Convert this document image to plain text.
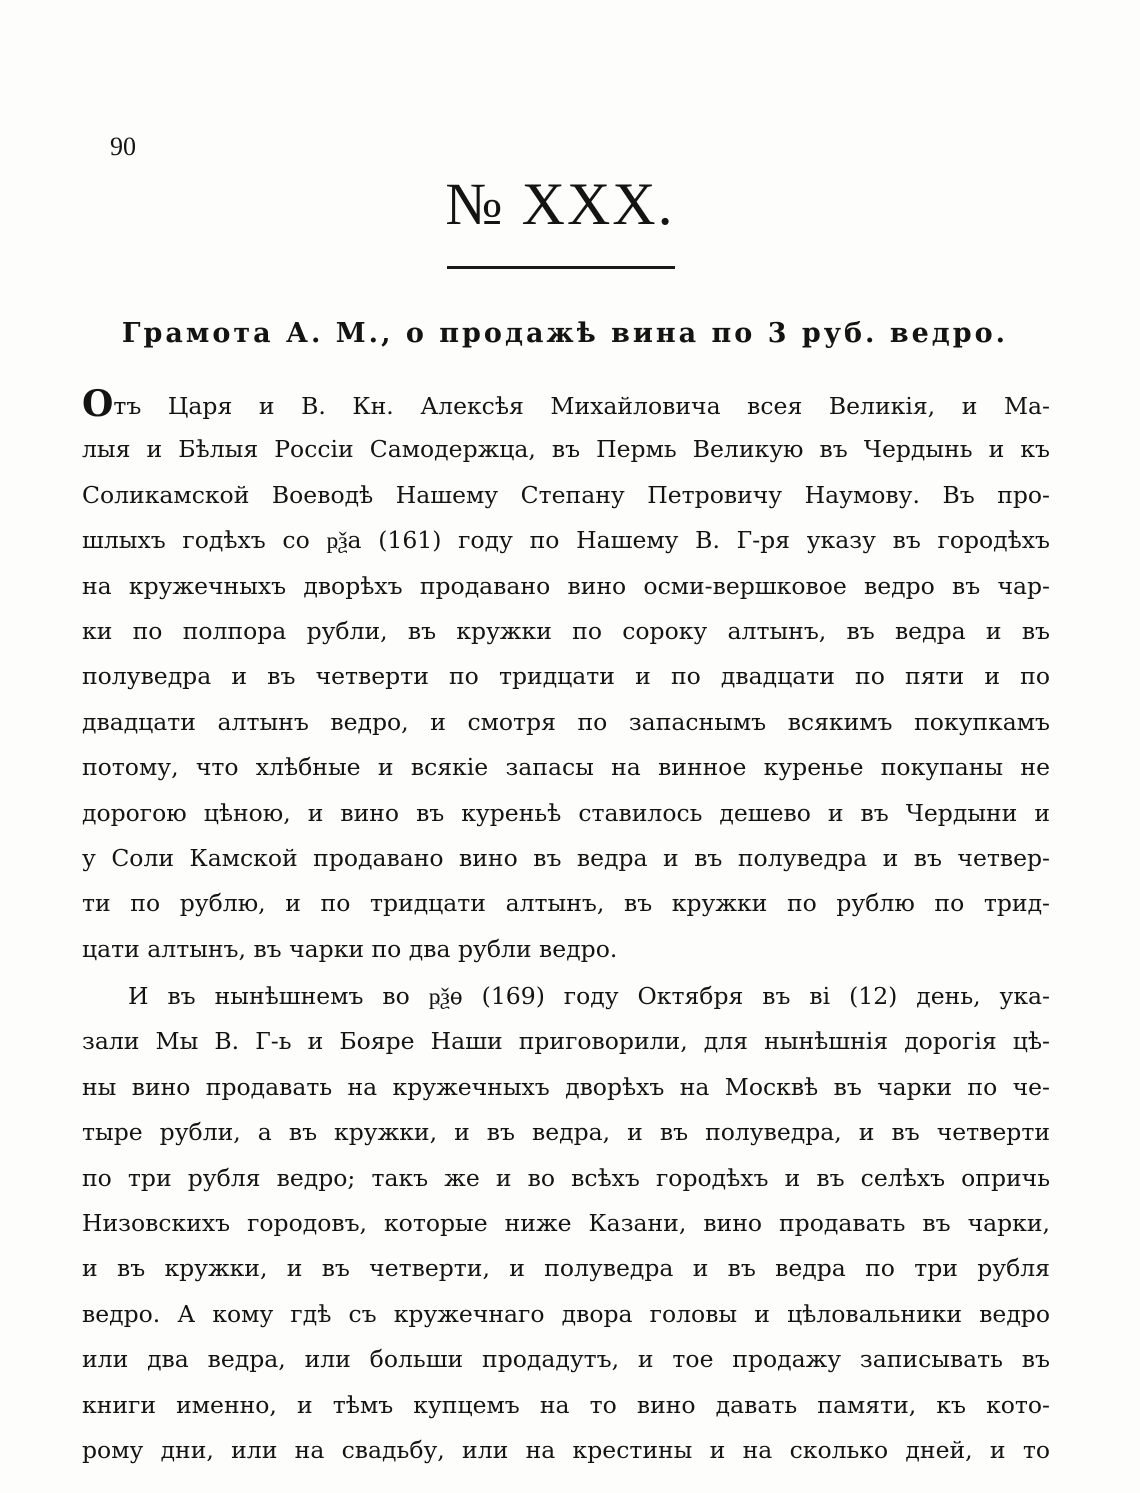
90
№ XXX.
Грамота А. М., о продажѣ вина по 3 руб. ведро.
Отъ Царя и В. Кн. Алексѣя Михайловича всея Великія, и Ма-
лыя и Бѣлыя Россіи Самодержца, въ Пермь Великую въ Чердынь и къ
Соликамской Воеводѣ Нашему Степану Петровичу Наумову. Въ про-
шлыхъ годѣхъ со ҏѯа (161) году по Нашему В. Г-ря указу въ городѣхъ
на кружечныхъ дворѣхъ продавано вино осми-вершковое ведро въ чар-
ки по полпора рубли, въ кружки по сороку алтынъ, въ ведра и въ
полуведра и въ четверти по тридцати и по двадцати по пяти и по
двадцати алтынъ ведро, и смотря по запаснымъ всякимъ покупкамъ
потому, что хлѣбные и всякіе запасы на винное куренье покупаны не
дорогою цѣною, и вино въ куреньѣ ставилось дешево и въ Чердыни и
у Соли Камской продавано вино въ ведра и въ полуведра и въ четвер-
ти по рублю, и по тридцати алтынъ, въ кружки по рублю по трид-
цати алтынъ, въ чарки по два рубли ведро.
И въ нынѣшнемъ во ҏѯѳ (169) году Октября въ ві (12) день, ука-
зали Мы В. Г-ь и Бояре Наши приговорили, для нынѣшнія дорогія цѣ-
ны вино продавать на кружечныхъ дворѣхъ на Москвѣ въ чарки по че-
тыре рубли, а въ кружки, и въ ведра, и въ полуведра, и въ четверти
по три рубля ведро; такъ же и во всѣхъ городѣхъ и въ селѣхъ опричь
Низовскихъ городовъ, которые ниже Казани, вино продавать въ чарки,
и въ кружки, и въ четверти, и полуведра и въ ведра по три рубля
ведро. А кому гдѣ съ кружечнаго двора головы и цѣловальники ведро
или два ведра, или больши продадутъ, и тое продажу записывать въ
книги именно, и тѣмъ купцемъ на то вино давать памяти, къ кото-
рому дни, или на свадьбу, или на крестины и на сколько дней, и то
